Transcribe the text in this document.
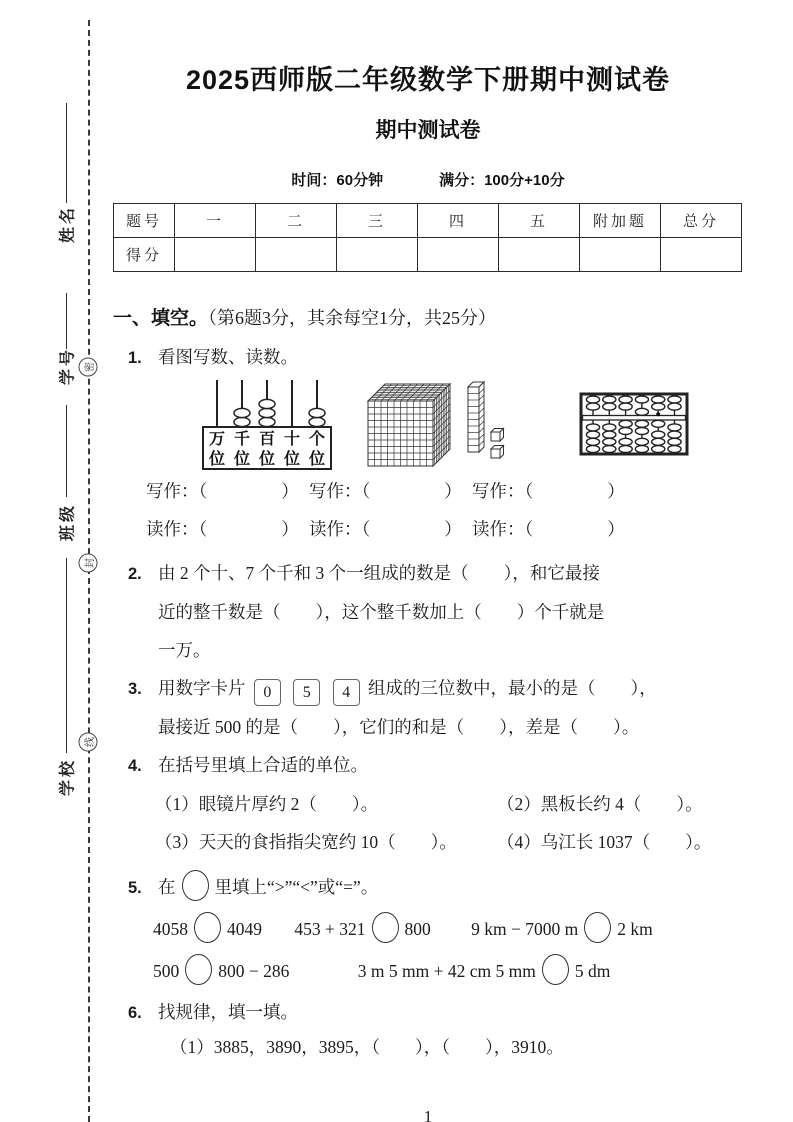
姓名
学号
班级
学校
密
封
线
2025西师版二年级数学下册期中测试卷
期中测试卷
时间：60分钟	满分：100分+10分
题号	一	二	三	四	五	附加题	总分
得分							
一、填空。（第6题3分，其余每空1分，共25分）
1. 看图写数、读数。
万
位
千
位
百
位
十
位
个
位
写作：（	） 写作：（	） 写作：（	）
读作：（	） 读作：（	） 读作：（	）
2. 由 2 个十、7 个千和 3 个一组成的数是（　　），和它最接
近的整千数是（　　），这个整千数加上（　　）个千就是
一万。
3. 用数字卡片 0 5 4 组成的三位数中，最小的是（　　），
最接近 500 的是（　　），它们的和是（　　），差是（　　）。
4. 在括号里填上合适的单位。
（1）眼镜片厚约 2（　　）。	（2）黑板长约 4（　　）。
（3）天天的食指指尖宽约 10（　　）。 （4）乌江长 1037（　　）。
5. 在 里填上“>”“<”或“=”。
4058 4049 453 + 321 800 9 km − 7000 m 2 km
500 800 − 286	3 m 5 mm + 42 cm 5 mm 5 dm
6. 找规律，填一填。
（1）3885，3890，3895，（　　），（　　），3910。
1
